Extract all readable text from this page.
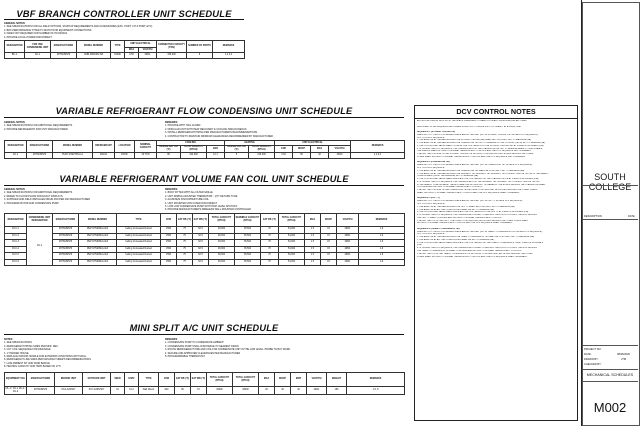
VBF BRANCH CONTROLLER UNIT SCHEDULE
GENERAL NOTES:
1. SEE SPECIFICATIONS FOR ALL FIELD OPTIONS, STARTUP REQUIREMENTS AND ACCESSORIES (EXC. PORT, V-H-P PORT, ETC)
2. BRC PERFORMANCE TYPED TO MATCH FOR EQUIPMENT CONNECTIONS
3. INDEX NOT REQUIRED FOR NUMBER OF HOUSINGS
4. PROVIDE LOCAL POWER DISCONNECT
DESIGNATION	FOR USE CONDENSING UNIT	MANUFACTURER	MODEL NUMBER	TYPE	UNIT ELECTRICAL		CONNECTED CAPACITY (TON)	NUMBER OF PORTS	REMARKS
					MCA	VOLT/PH			
BC-1	CU-1	MITSUBISHI	CMB-WM108V-AB	NONE	0.56	208/1	156,000	8	1,2,3,4
VARIABLE REFRIGERANT FLOW CONDENSING UNIT SCHEDULE
GENERAL NOTES:
1. SEE SPECIFICATIONS FOR ADDITIONAL REQUIREMENTS
2. PROVIDE REFRIGERANT FOR UNIT MANUFACTURER
REMARKS:
1. PROVIDE WITH HAIL GUARD
2. MODULAR UNIT WITH HEAT RECOVERY & COOLING SIMULTANEOUS
3. INSTALL REFRIGERANT PIPING PER MANUFACTURER'S RECOMMENDATIONS
4. CONTRACTOR TO MAINTAIN MINIMUM CLEARANCES RECOMMENDED BY MANUFACTURER
DESIGNATION	MANUFACTURER	MODEL NUMBER	REFRIGERANT	LOCATION	NOMINAL CAPACITY	COOLING			HEATING		UNIT ELECTRICAL				REMARKS
						DESIGN OAT DB (°F)	TOTAL CAPACITY (BTUH)	EER	DESIGN OAT DB (°F)	TOTAL CAPACITY (BTUH)	COP	MOCP	MCA	VOLT/PH	
CU-1	MITSUBISHI	PURY-P192TSNU-A	R410A	ROOF	16 TON	95	192,000	12.1	5	216,000	3.84	50	42	460/3	1,2,3,4
VARIABLE REFRIGERANT VOLUME FAN COIL UNIT SCHEDULE
GENERAL NOTES:
1. SEE SPECIFICATIONS FOR ADDITIONAL REQUIREMENTS
2. REFER TO FLOOR PLANS FOR EXACT DISPLAYS
3. SUPPLIED AND FIELD INSTALLED DRAIN PAN PER FAN MANUFACTURER
4. PROGRAM MOTOR AND CONDENSATE PUMP
REMARKS:
1. BODY FITTED WITH ALL FILTER GRILLE
2. UNIT WIRING ADJUSTED THERMOSTAT - QTY RETURN TUNE
3. ALUMINUM FIN/COPPER TUBE COIL
4. UNIT MOUNTED NON FUSED DISCONNECT
5. LOW LOW CONDENSATE PUMP WITH HIGH LEVEL SHUTOFF
6. PROVIDE MANUFACTURER'S WIRELESS WALL MOUNTED CONTROLLER
DESIGNATION	CONDENSING UNIT DESIGNATION	MANUFACTURER	MODEL NUMBER	TYPE	CFM	EAT DB (°F)	EAT WB (°F)	TOTAL CAPACITY (BTUH)	SENSIBLE CAPACITY (BTUH)	EAT DB (°F)	TOTAL CAPACITY (BTUH)	MCA	MOCP	VOLT/PH	REMARKS
FCU-1	CU-1	MITSUBISHI	PEFY-P54NMAU-E3	Ceiling Concealed Ducted	1590	75	62.5	48,000	35,500	70	54,000	1.5	15	208/1	1-6
FCU-2		MITSUBISHI	PEFY-P54NMAU-E3	Ceiling Concealed Ducted	1590	75	62.5	48,000	35,500	70	54,000	1.5	15	208/1	1-6
FCU-3		MITSUBISHI	PEFY-P54NMAU-E3	Ceiling Concealed Ducted	1590	75	62.5	48,000	35,500	70	54,000	1.5	15	208/1	1-6
FCU-4		MITSUBISHI	PEFY-P54NMAU-E3	Ceiling Concealed Ducted	1590	75	62.5	48,000	35,500	70	54,000	1.5	15	208/1	1-6
FCU-5		MITSUBISHI	PEFY-P54NMAU-E3	Ceiling Concealed Ducted	1590	75	62.5	48,000	35,500	70	54,000	1.5	15	208/1	1-6
FCU-6		MITSUBISHI	PEFY-P54NMAU-E3	Ceiling Concealed Ducted	1590	75	62.5	48,000	35,500	70	54,000	1.5	15	208/1	1-6
MINI SPLIT A/C UNIT SCHEDULE
NOTES:
1. SEE SPECIFICATIONS
2. REFRIGERANT PIPING SIZES PER MFR. REC.
3. CUT COIL SEQUENCE FOR DRAINAGE
4. 1" PADDED HOUSE.
5. REPLACE INDOOR HANDLE FOR EXTERIOR CONDITIONS WITH WALL
6. REFRIGERANT LINE SIZES PER MANUFACTURER'S RECOMMENDATIONS
7. LOW AMBIENT KIT AND WIND BAFFLE
8. HEATING CAPACITY AND HSPF BASED ON 17°F
REMARKS:
1. CONDENSATE PUMP TO CONDENSATE AMBIENT
2. CONDENSATE PUMP SHALL DISCHARGE TO NEAREST DRAIN
3. ROUTE REFRIGERANT PIPE AND COIL FOR CONDENSATE UNIT IN THE LOW LEVEL. PROBE TO BAY WORK
4. SECURE AND APPROVED CLEARANCES PER MANUFACTURER
5. PROGRAMMABLE THERMOSTAT
EQUIPMENT TAG	MANUFACTURER	INDOOR UNIT	OUTDOOR UNIT	SEER	HSPF	TYPE	CFM	EAT DB (°F)	EAT WB (°F)	TOTAL CAPACITY (BTUH)	TOTAL CAPACITY (BTUH)	MCA	MOCP	MOP	VOLT/PH	WEIGHT	REMARKS
ML-1 / CU-1 ML-2 / CU-2	MITSUBISHI	PKA-A36HA7	PUY-A36NHA7	16	10.2	Wall Mount	920	80	67	36000	38000	26	40	40	208/1	165	1-5, 8
DCV CONTROL NOTES
AS PER DISCUSSION WITH SPCH. THE SPACE IS ASSUMED TO HAVE OCCUPANT SUPERVISION AT ALL TIMES.
DESCRIBED IN THE SEQUENCE BELOW ARE EXPECTED TO SERVE FULL OCCUPANCY AT A GIVEN TIME.
SEQUENCE 1 (STUDENT CENTER TIE)
WHEN NO OCC. DETECTOR SENSES SPACE ABOVE THE LIMIT (NO. IN STUDENT CENTRE TIE. INITIATE DCV SEQUENCE).
DCV CONTROL SEQUENCE:
1. THE AIRFLOW AT THE BAS SERVING THE STUDENT CENTRE (SA) SHALL BE POSITIVELY SET TO MAXIMUM (SA).
2. THE AIRFLOW AT THE BAS SERVING THE CLASSROOM TIE OFF TO MINIMUM OF THE COOLING (TIE IN) SET TO MINIMUM (SA).
3. THE CONTROL AIR VALVE SHALL CLOSE AT THE COIL VALVE FOR THE STUDENT CENTRE SET AT 0 MINUTE INTERVALS (CA).
4. IF, DURING THE DCV SEQUENCE, THE THERMOSTAT FOR THE CLASSROOM ON OFF TO MINIMUM NEARLY COMFORTABLE,
THE SPACES SHALL RETURN TO NORMAL THERMOSTATIC CONTROL AND THE DCV SEQUENCE WILL TERMINATE.
5. AFTER THE COLLEGE, IN THE STUDENT CENTRE TIE RETURN TO WITHIN LIMIT, ALL BOXES SERVING THE OTHER
ZONES SHALL RETURN TO NORMAL THERMOSTATIC CONTROL AND THE DCV SEQUENCE WILL TERMINATE.
SEQUENCE 2 (CLASSROOM TIE)
WHEN NO OCC. DETECTOR SENSES SPACE ABOVE THE LIMIT (NO. IN CLASSROOM TIE. INITIATE DCV SEQUENCE).
DCV CONTROL SEQUENCE:
1. THE AIRFLOW AT THE BAS SERVING THE CLASSROOM TIE SHALL BE POSITIVELY SET TO MAXIMUM (SA).
2. THE AIRFLOW AT THE BAS SERVING THE NURSERY TIE, NURSERY TIE, NURSERY TIE STUDENT CENTRE TIE OFF IF THE NEARLY
COMFORTABLE (OR AT THE MINIMUM) SET TO MINIMUM (SA).
3. THE CONTROL AIR VALVE SHALL REGULATE THE COIL VALUE FOR THE CLASSROOM TIE AT 3 MINUTE INTERVALS (CA).
4. IF, DURING THE DCV SEQUENCE, THE THERMOSTAT FOR THE NURSERY TIE, NURSERY TIE, STUDENT CENTRE TIE OFF
IF THE NEARLY COMFORTABLE, THE BOX SHALL BE RETURN OUT OF BALANCE. THE BOXES SERVING THE CLASSROOM SHALL
CONTINUE AND RETURN TO NORMAL THERMOSTATIC CONTROL.
5. AFTER THE COLLEGE, IN THE CLASSROOM TIE RETURNS TO WITHIN LIMIT, ALL BOXES SERVING THE OTHER ZONES.
SHALL RETURN TO NORMAL THERMOSTATIC CONTROL AND THE DCV SEQUENCE SHALL TERMINATE.
SEQUENCE 3 (OFF TY)
WHEN NO OCC. DETECTOR SENSES SPACE ABOVE THE LIMIT (NO. IN OFF TY. INITIATE DCV SEQUENCE).
DCV CONTROL SEQUENCE:
1. THE AIRFLOW AT THE BAS SERVING THE OFF TY SHALL BE POSITIVELY SET TO MAXIMUM (SA).
2. THE AIRFLOW AT ALL THE OTHER BOXES SHALL BE SET TO MINIMUM (SA).
3. THE CONTROL AIR VALVE SHALL REGULATE THE COIL VALVE FOR THE OFF TY AT 3 MINUTE INTERVALS (CA).
4. IF, DURING THE DCV SEQUENCE, THE THERMOSTAT FOR ANY OTHER BOX CALLS FOR COOLING, THE BOX SERVING
THE OFF TY SHALL CONTINUE AND RETURN TO NORMAL THERMOSTATIC CONTROL.
5. AFTER THE CO2 IN THE OFF TY RETURNS TO WITHIN LIMIT, ALL BOXES SERVING THE OTHER ZONES SHALL
RETURN TO NORMAL THERMOSTATIC CONTROL AND THE DCV SEQUENCE SHALL TERMINATE.
SEQUENCE 4 (YEARLY CONFERENCE TIE)
WHEN NO OCC. DETECTOR SENSES SPACE ABOVE THE LIMIT (NO. IN YEARLY CONFERENCE TIE. INITIATE DCV SEQUENCE).
DCV CONTROL SEQUENCE:
1. THE AIRFLOW AT THE BAS SERVING THE YEARLY CONFERENCE TIE SHALL BE POSITIVELY SET TO MAXIMUM (SA).
2. THE AIRFLOW AT ALL THE OTHER BOXES SHALL BE SET TO MINIMUM (SA).
3. THE CONTROL AIR VALVE SHALL REGULATE THE COIL VALUE FOR THE YEARLY CONFERENCE TIE AT 3 MINUTE INTERVALS
(CA).
4. IF, DURING THE DCV SEQUENCE, THE THERMOSTAT FOR ANY OTHER BOX CALLS FOR COOLING, THE BOX SERVING
THE YEARLY CONFERENCE TIE SHALL CONTINUE AND RETURN TO NORMAL THERMOSTATIC CONTROL.
5. AFTER THE CO2 IN THE YEARLY CONFERENCE TIE RETURNS TO WITHIN LIMIT, ALL BOXES SERVING THE OTHER
ZONES SHALL RETURN TO NORMAL THERMOSTATIC CONTROL AND THE DCV SEQUENCE SHALL TERMINATE.
SOUTH COLLEGE
DESCRIPTION	DATE
PROJECT NO:
DATE:	08/25/2020
DRAWN BY:	JTM
CHECKED BY:
MECHANICAL SCHEDULES
M002
